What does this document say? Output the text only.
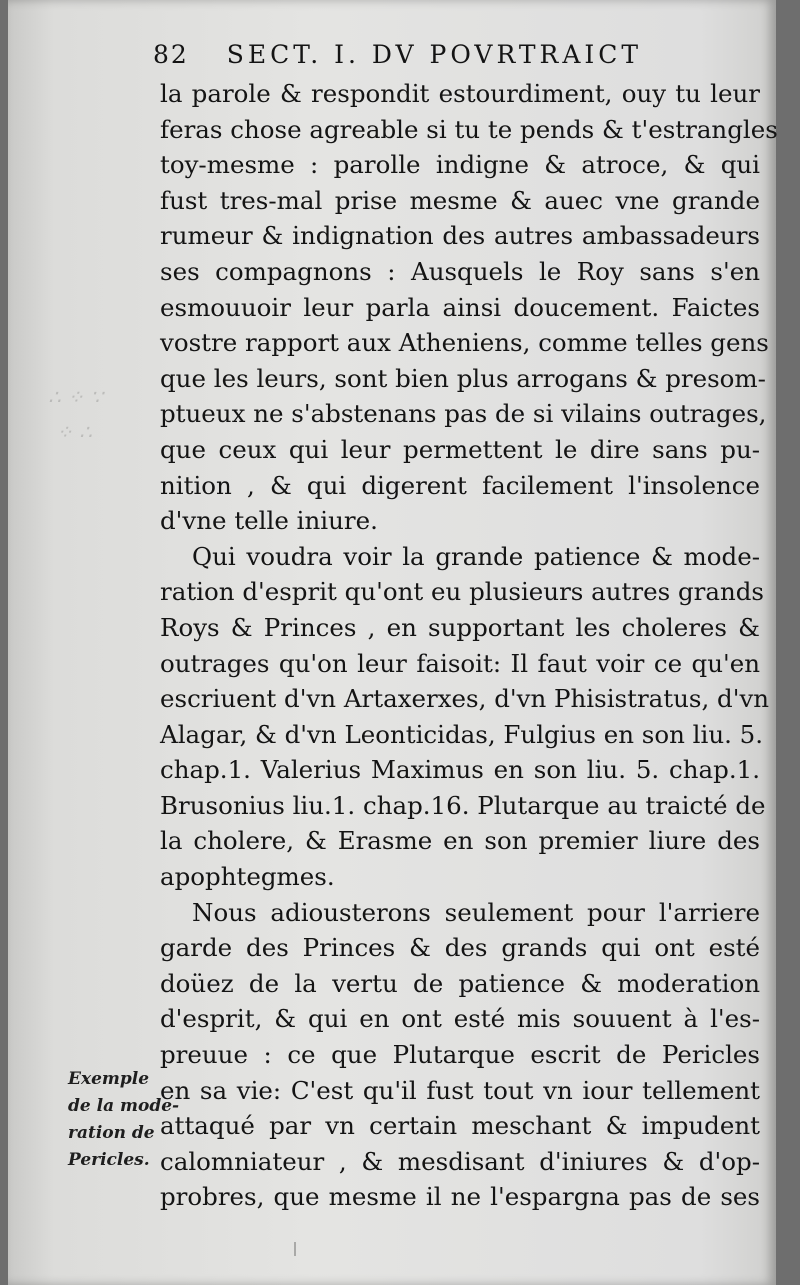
∴ ⁘ ∵
⁘ ∴
82 SECT. I. DV POVRTRAICT
la parole & respondit estourdiment, ouy tu leur
feras chose agreable si tu te pends & t'estrangles
toy-mesme : parolle indigne & atroce, & qui
fust tres-mal prise mesme & auec vne grande
rumeur & indignation des autres ambassadeurs
ses compagnons : Ausquels le Roy sans s'en
esmouuoir leur parla ainsi doucement. Faictes
vostre rapport aux Atheniens, comme telles gens
que les leurs, sont bien plus arrogans & presom-
ptueux ne s'abstenans pas de si vilains outrages,
que ceux qui leur permettent le dire sans pu-
nition , & qui digerent facilement l'insolence
d'vne telle iniure.
Qui voudra voir la grande patience & mode-
ration d'esprit qu'ont eu plusieurs autres grands
Roys & Princes , en supportant les choleres &
outrages qu'on leur faisoit: Il faut voir ce qu'en
escriuent d'vn Artaxerxes, d'vn Phisistratus, d'vn
Alagar, & d'vn Leonticidas, Fulgius en son liu. 5.
chap.1. Valerius Maximus en son liu. 5. chap.1.
Brusonius liu.1. chap.16. Plutarque au traicté de
la cholere, & Erasme en son premier liure des
apophtegmes.
Nous adiousterons seulement pour l'arriere
garde des Princes & des grands qui ont esté
doüez de la vertu de patience & moderation
d'esprit, & qui en ont esté mis souuent à l'es-
preuue : ce que Plutarque escrit de Pericles
en sa vie: C'est qu'il fust tout vn iour tellement
attaqué par vn certain meschant & impudent
calomniateur , & mesdisant d'iniures & d'op-
probres, que mesme il ne l'espargna pas de ses
Exemple
de la mode-
ration de
Pericles.
